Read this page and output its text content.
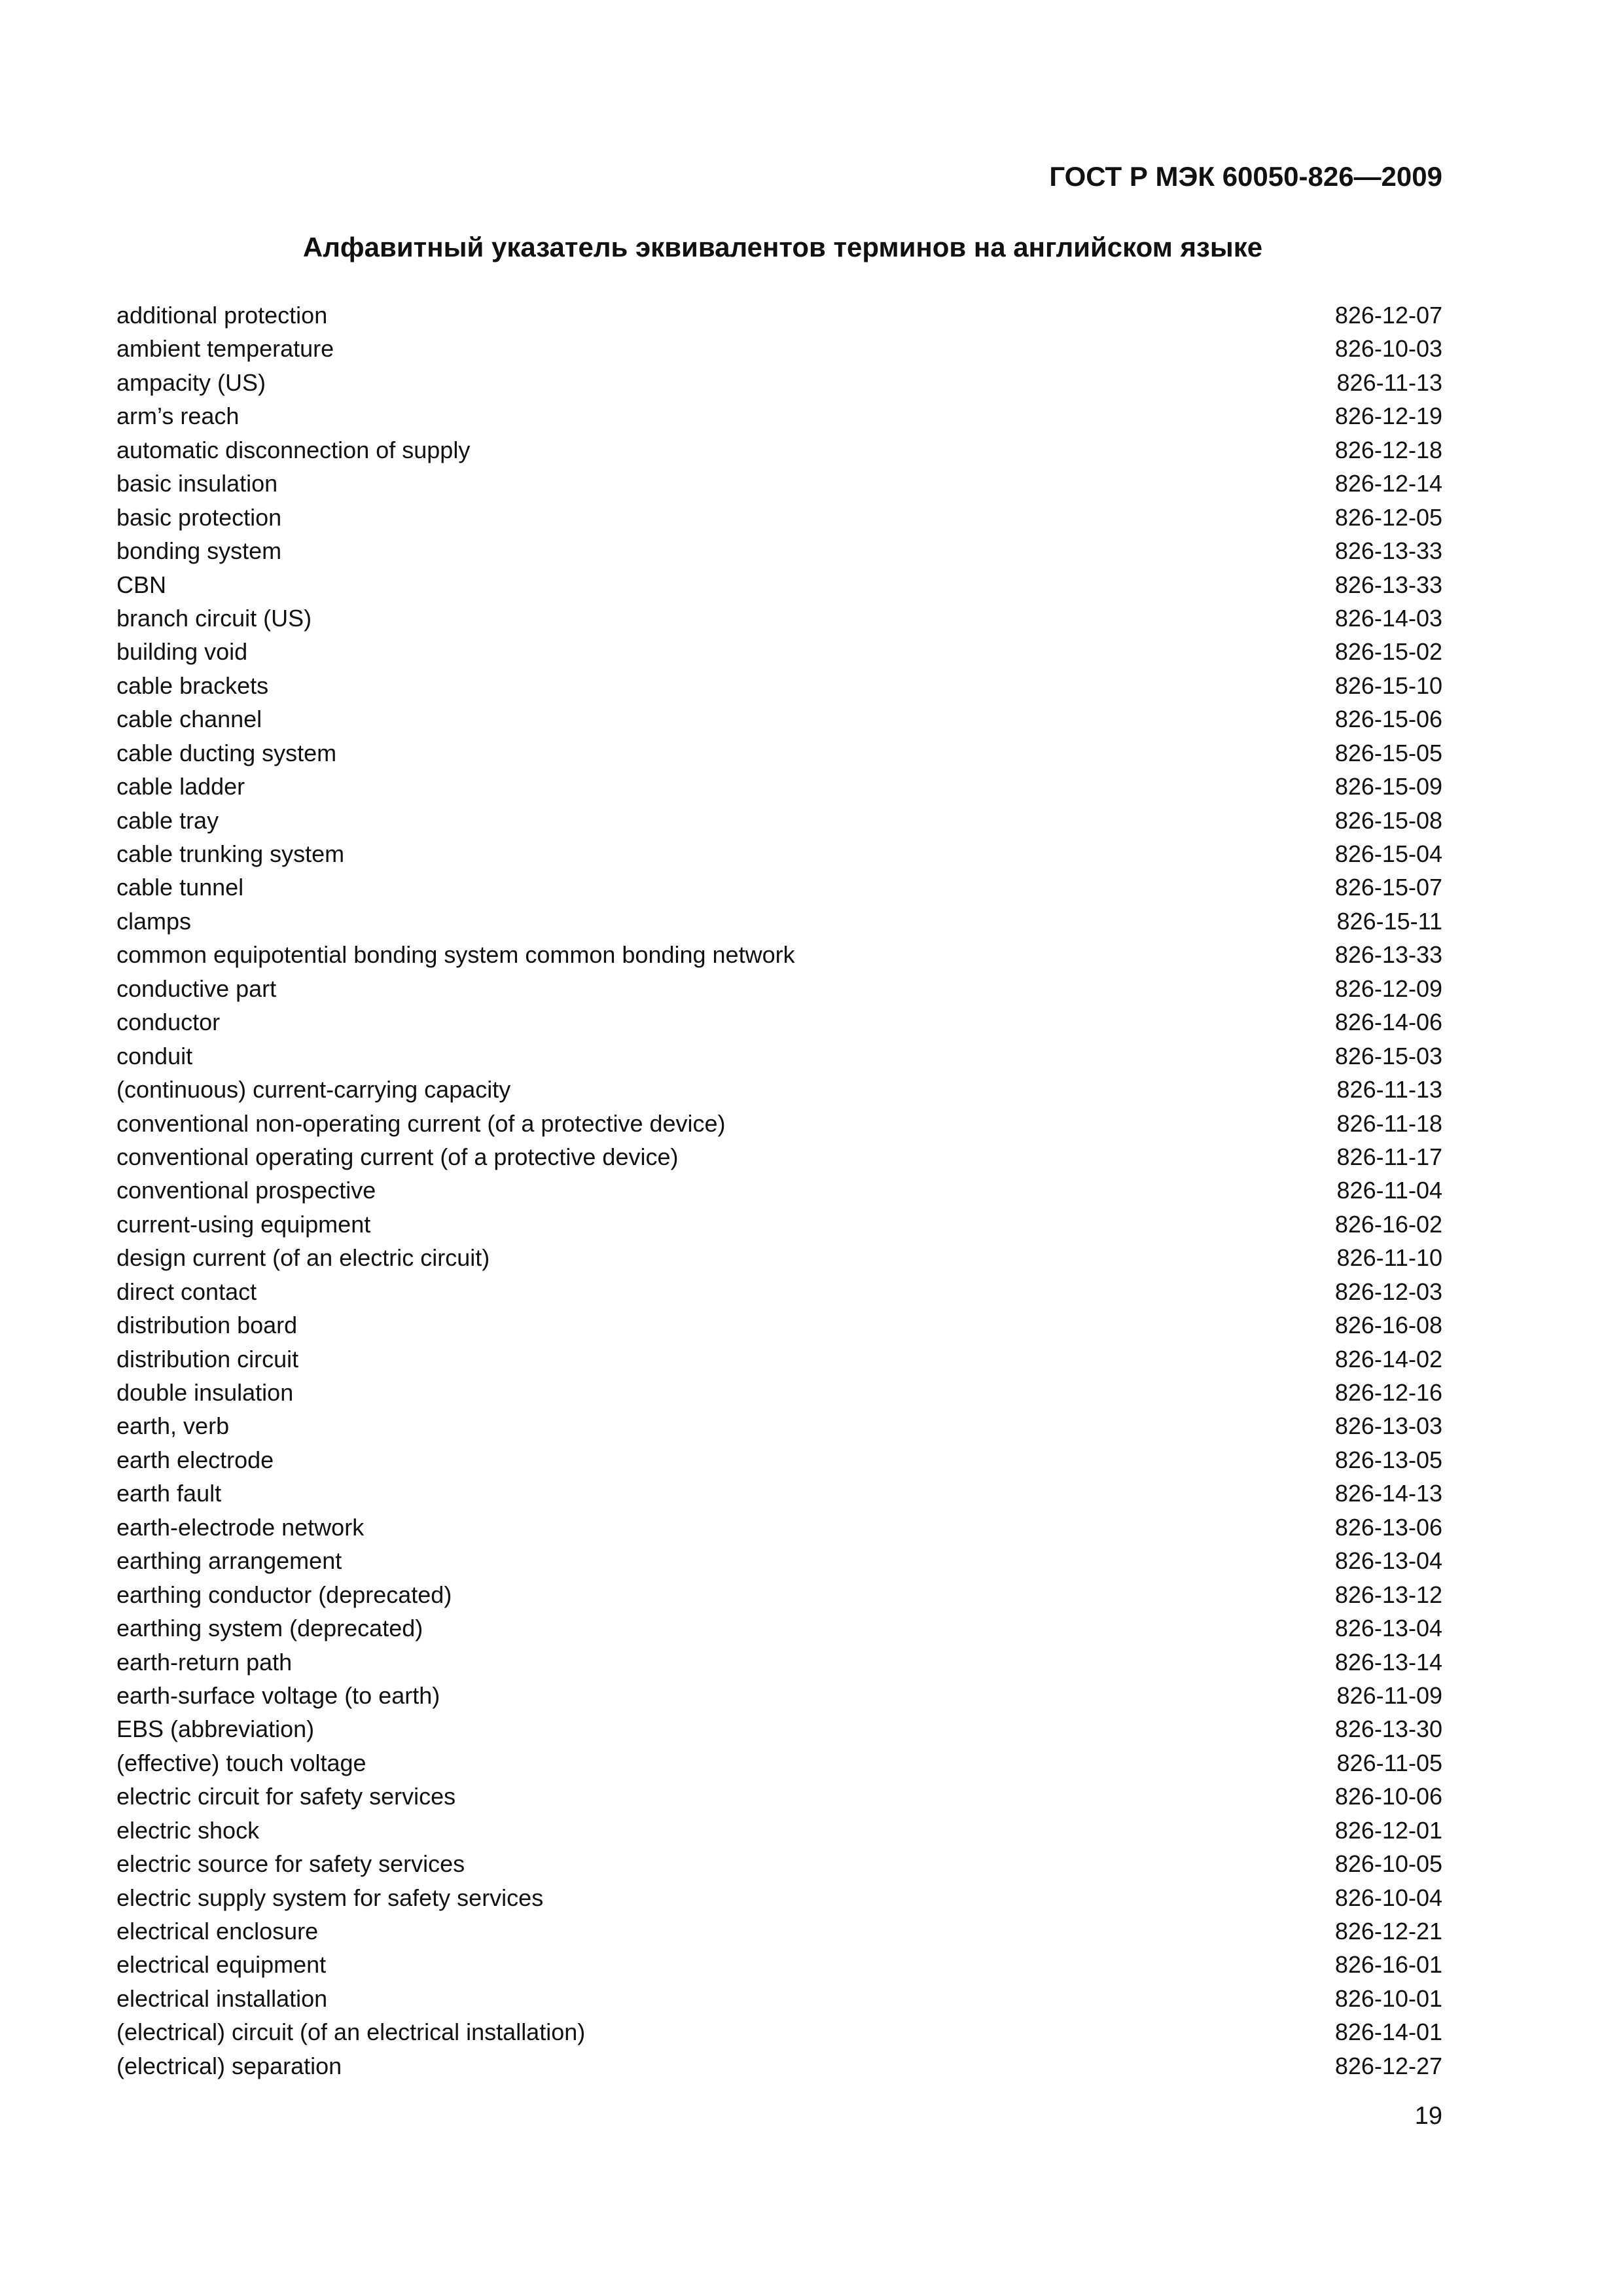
ГОСТ Р МЭК 60050-826—2009
Алфавитный указатель эквивалентов терминов на английском языке
additional protection	826-12-07
ambient temperature	826-10-03
ampacity (US)	826-11-13
arm’s reach	826-12-19
automatic disconnection of supply	826-12-18
basic insulation	826-12-14
basic protection	826-12-05
bonding system	826-13-33
CBN	826-13-33
branch circuit (US)	826-14-03
building void	826-15-02
cable brackets	826-15-10
cable channel	826-15-06
cable ducting system	826-15-05
cable ladder	826-15-09
cable tray	826-15-08
cable trunking system	826-15-04
cable tunnel	826-15-07
clamps	826-15-11
common equipotential bonding system common bonding network	826-13-33
conductive part	826-12-09
conductor	826-14-06
conduit	826-15-03
(continuous) current-carrying capacity	826-11-13
conventional non-operating current (of a protective device)	826-11-18
conventional operating current (of a protective device)	826-11-17
conventional prospective	826-11-04
current-using equipment	826-16-02
design current (of an electric circuit)	826-11-10
direct contact	826-12-03
distribution board	826-16-08
distribution circuit	826-14-02
double insulation	826-12-16
earth, verb	826-13-03
earth electrode	826-13-05
earth fault	826-14-13
earth-electrode network	826-13-06
earthing arrangement	826-13-04
earthing conductor (deprecated)	826-13-12
earthing system (deprecated)	826-13-04
earth-return path	826-13-14
earth-surface voltage (to earth)	826-11-09
EBS (abbreviation)	826-13-30
(effective) touch voltage	826-11-05
electric circuit for safety services	826-10-06
electric shock	826-12-01
electric source for safety services	826-10-05
electric supply system for safety services	826-10-04
electrical enclosure	826-12-21
electrical equipment	826-16-01
electrical installation	826-10-01
(electrical) circuit (of an electrical installation)	826-14-01
(electrical) separation	826-12-27

19
